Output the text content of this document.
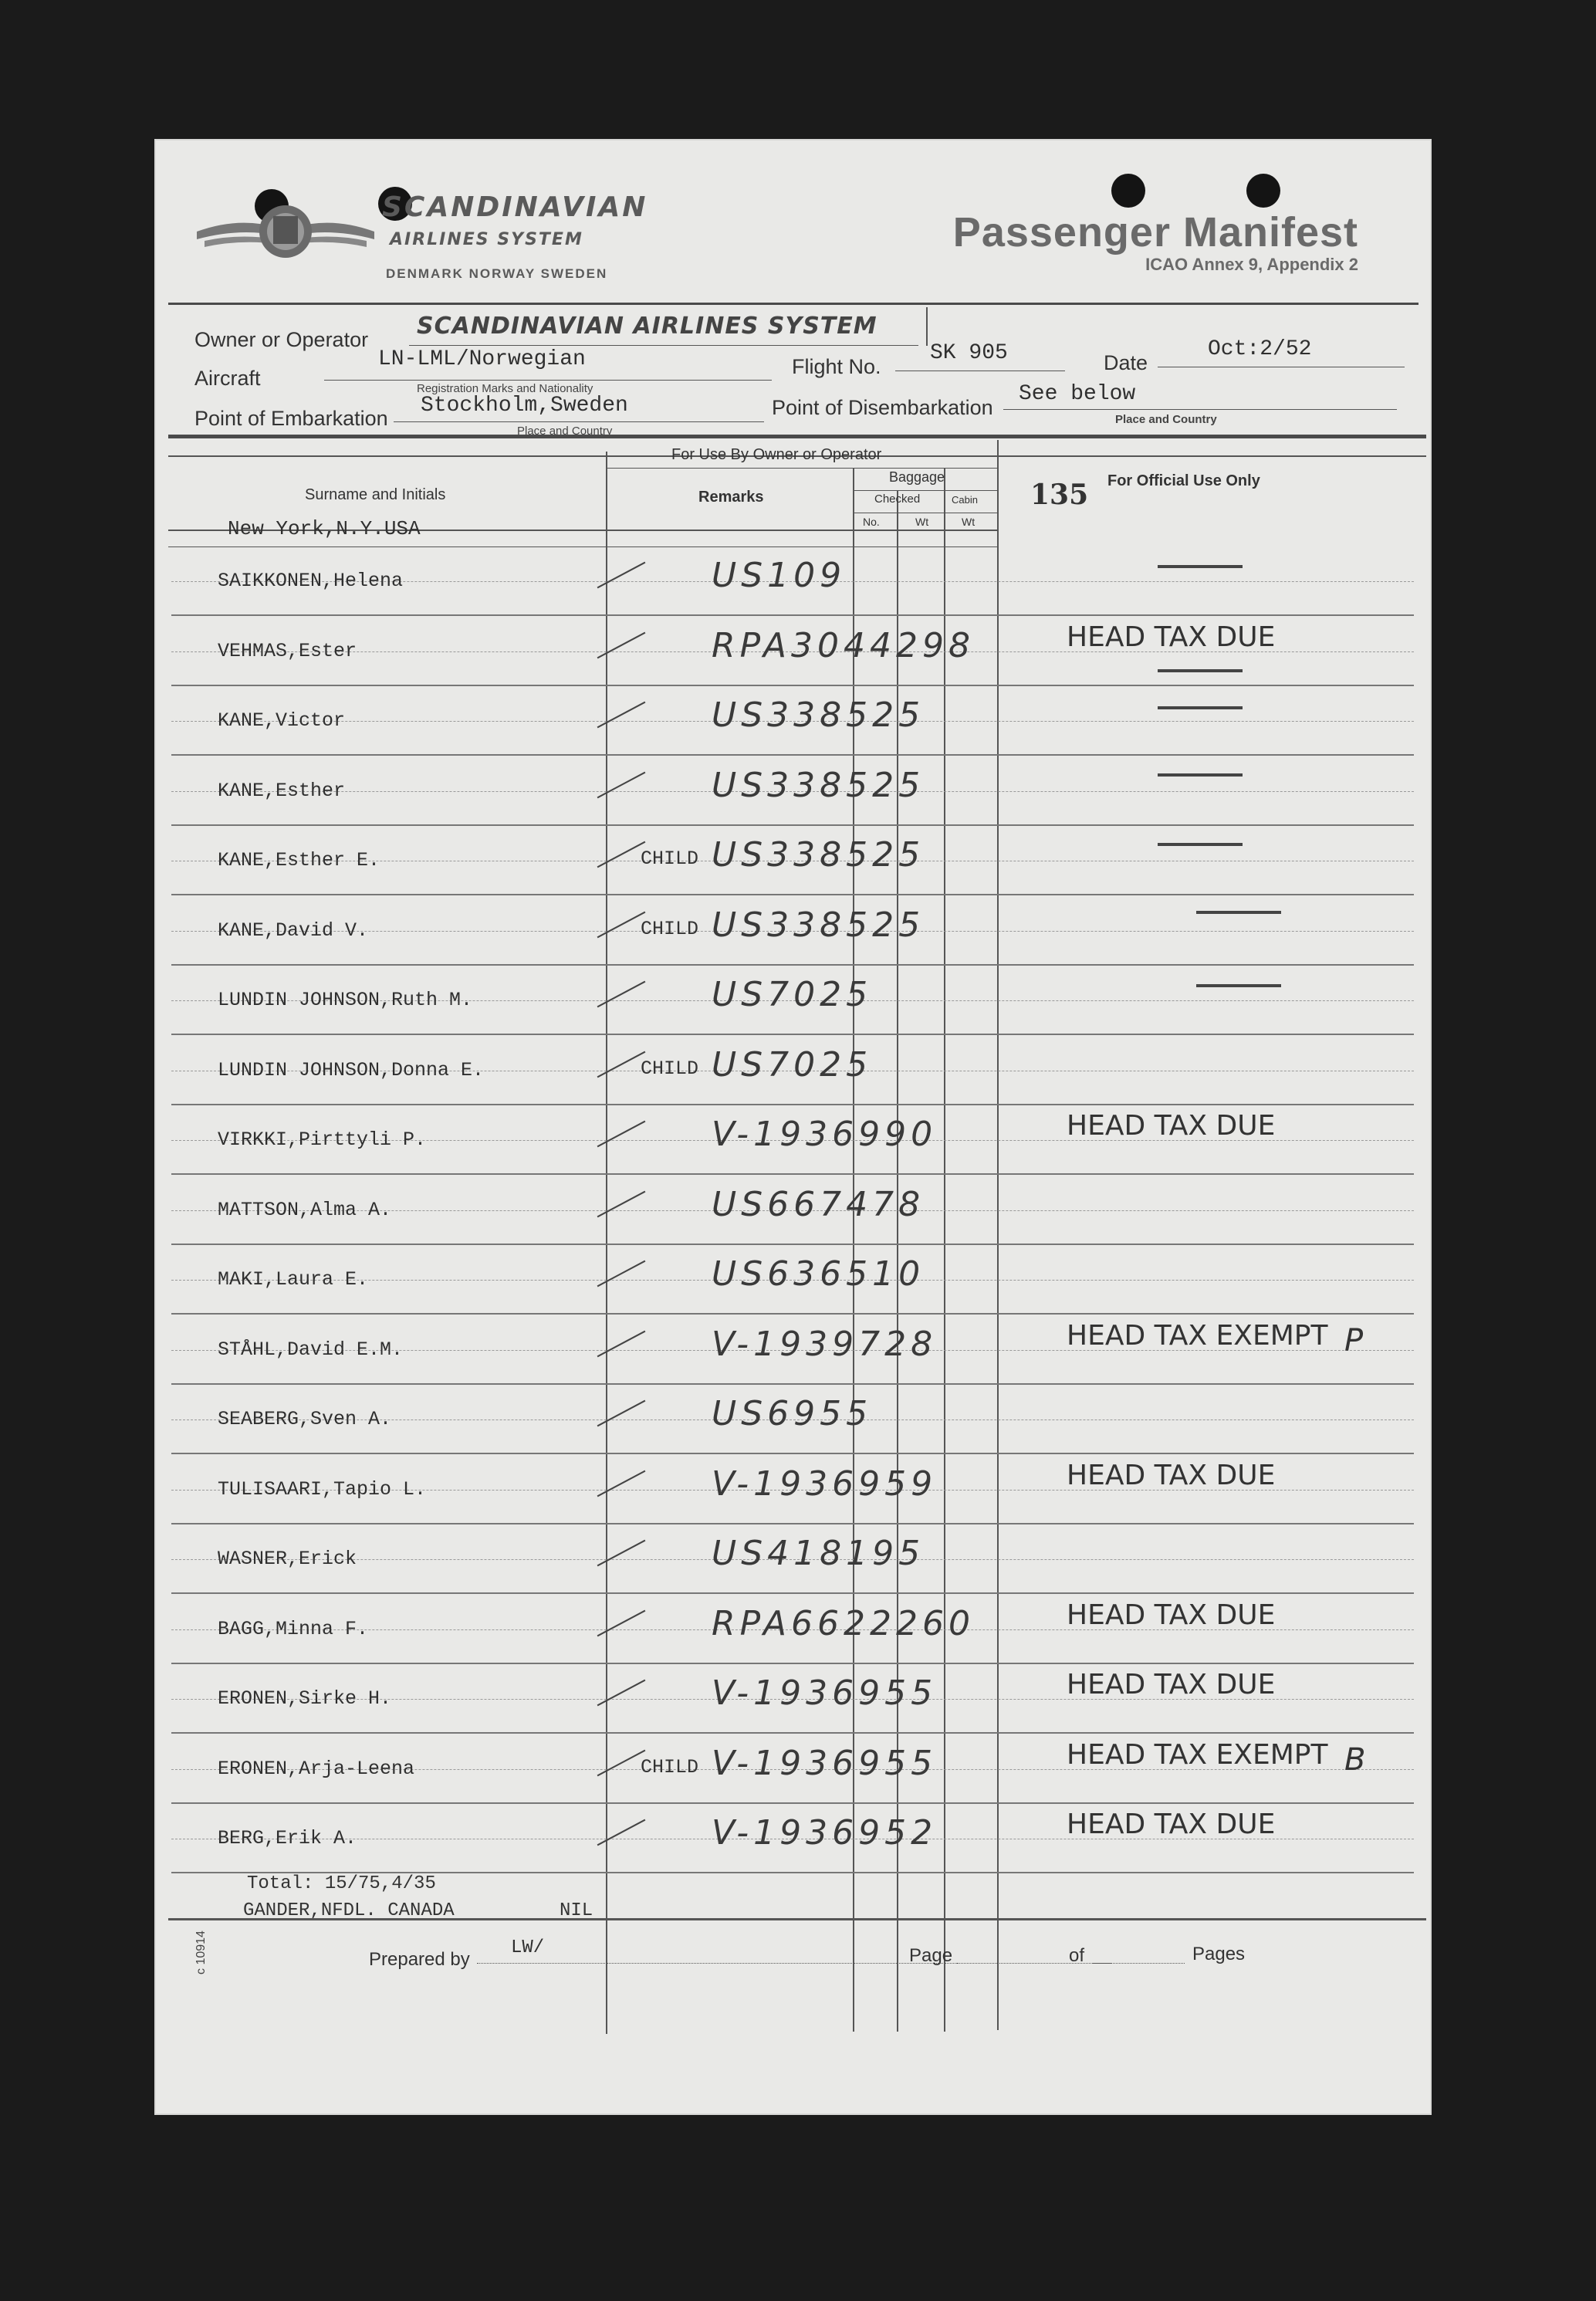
SCANDINAVIAN
AIRLINES SYSTEM
DENMARK NORWAY SWEDEN
Passenger Manifest
ICAO Annex 9, Appendix 2
Owner or Operator SCANDINAVIAN AIRLINES SYSTEM
Aircraft
LN-LML/Norwegian
Registration Marks and Nationality
Flight No.
SK 905	Date
Oct:2/52
Point of Embarkation
Stockholm,Sweden
Place and Country
Point of Disembarkation
See below
Place and Country
Surname and Initials
For Use By Owner or Operator
Remarks
Baggage
Checked	Cabin
No.	Wt	Wt
135 For Official Use Only
New York,N.Y.USA
SAIKKONEN,Helena	US109
VEHMAS,Ester	RPA3044298	HEAD TAX DUE
KANE,Victor	US338525
KANE,Esther	US338525
KANE,Esther E.	CHILD US338525
KANE,David V.	CHILD US338525
LUNDIN JOHNSON,Ruth M.	US7025
LUNDIN JOHNSON,Donna E.	CHILD US7025
VIRKKI,Pirttyli P.	V-1936990	HEAD TAX DUE
MATTSON,Alma A.	US667478
MAKI,Laura E.	US636510
STÅHL,David E.M.	V-1939728	HEAD TAX EXEMPT P
SEABERG,Sven A.	US6955
TULISAARI,Tapio L.	V-1936959	HEAD TAX DUE
WASNER,Erick	US418195
BAGG,Minna F.	RPA6622260	HEAD TAX DUE
ERONEN,Sirke H.	V-1936955	HEAD TAX DUE
ERONEN,Arja-Leena	CHILD V-1936955	HEAD TAX EXEMPT B
BERG,Erik A.	V-1936952	HEAD TAX DUE
Total: 15/75,4/35
GANDER,NFDL. CANADA	NIL
Prepared by
LW/	Page	of	Pages
c 10914
